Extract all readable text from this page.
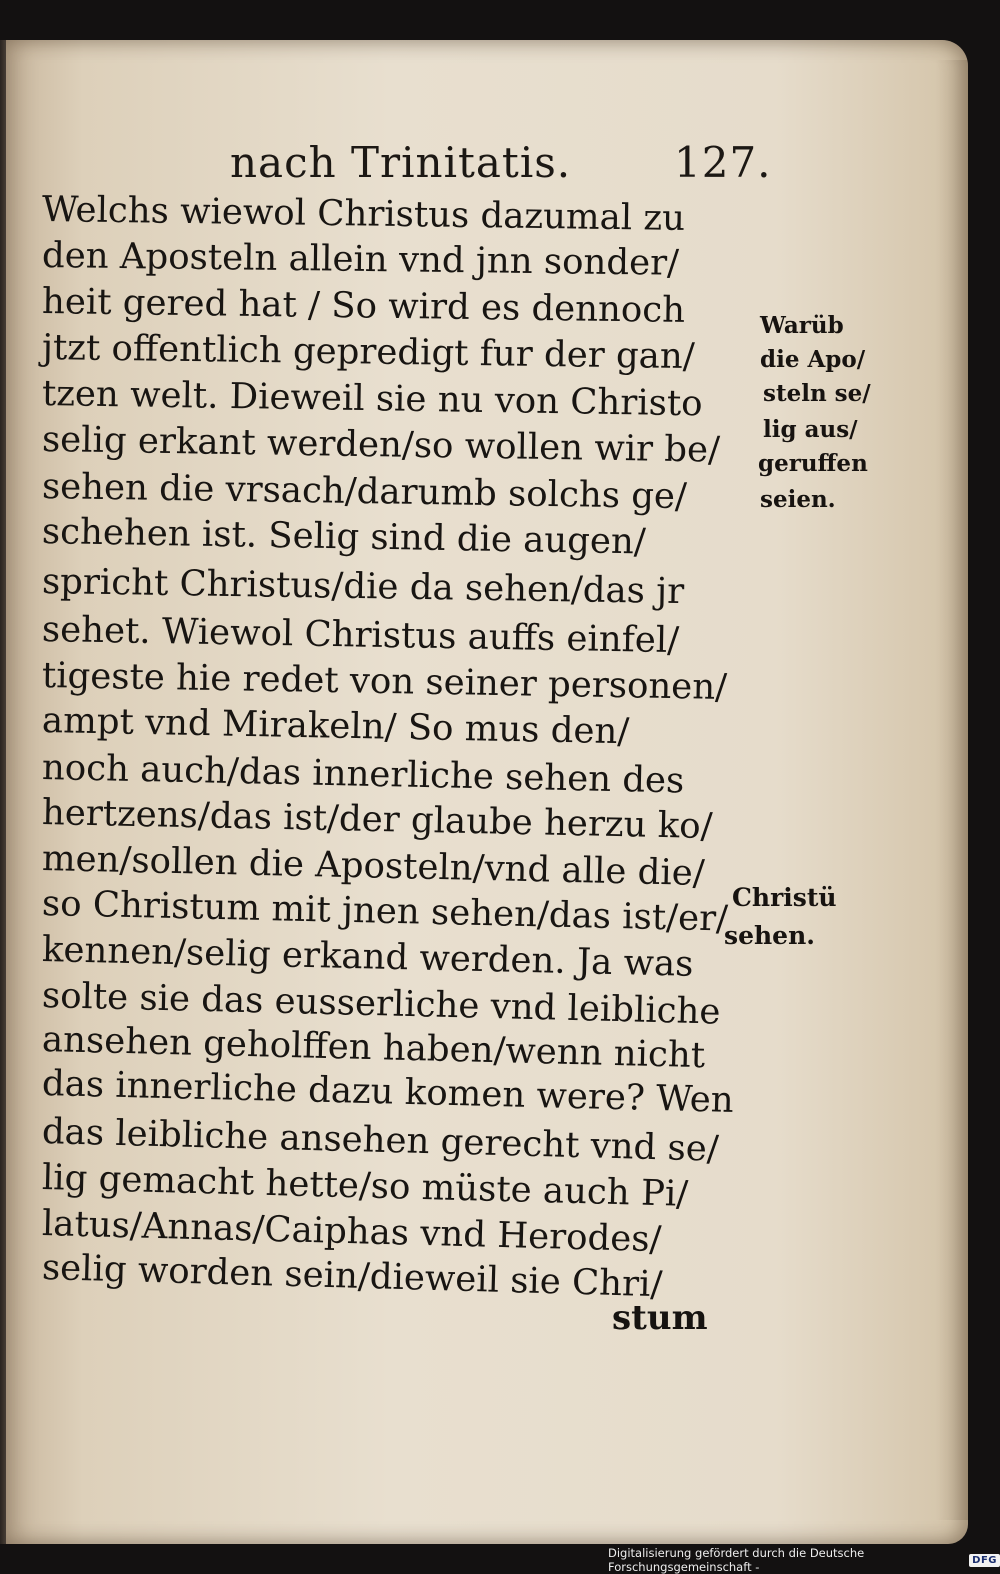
nach Trinitatis. 127.
Welchs wiewol Christus dazumal zu
den Aposteln allein vnd jnn sonder/
heit gered hat / So wird es dennoch
jtzt offentlich gepredigt fur der gan/
tzen welt. Dieweil sie nu von Christo
selig erkant werden/so wollen wir be/
sehen die vrsach/darumb solchs ge/
schehen ist. Selig sind die augen/
spricht Christus/die da sehen/das jr
sehet. Wiewol Christus auffs einfel/
tigeste hie redet von seiner personen/
ampt vnd Mirakeln/ So mus den/
noch auch/das innerliche sehen des
hertzens/das ist/der glaube herzu ko/
men/sollen die Aposteln/vnd alle die/
so Christum mit jnen sehen/das ist/er/
kennen/selig erkand werden. Ja was
solte sie das eusserliche vnd leibliche
ansehen geholffen haben/wenn nicht
das innerliche dazu komen were? Wen
das leibliche ansehen gerecht vnd se/
lig gemacht hette/so müste auch Pi/
latus/Annas/Caiphas vnd Herodes/
selig worden sein/dieweil sie Chri/
Warüb
die Apo/
steln se/
lig aus/
geruffen
seien.
Christü
sehen.
stum
Digitalisierung gefördert durch die Deutsche Forschungsgemeinschaft -	DFG
